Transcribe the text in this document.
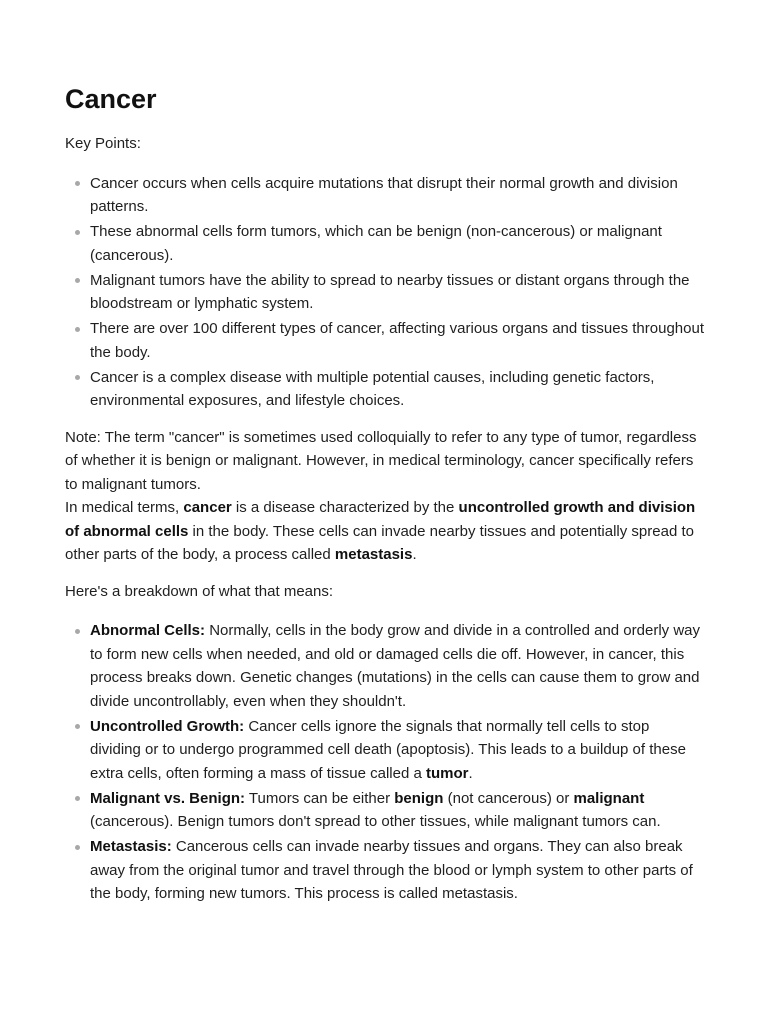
Cancer

Key Points:

Cancer occurs when cells acquire mutations that disrupt their normal growth and division patterns.
These abnormal cells form tumors, which can be benign (non-cancerous) or malignant (cancerous).
Malignant tumors have the ability to spread to nearby tissues or distant organs through the bloodstream or lymphatic system.
There are over 100 different types of cancer, affecting various organs and tissues throughout the body.
Cancer is a complex disease with multiple potential causes, including genetic factors, environmental exposures, and lifestyle choices.

Note: The term "cancer" is sometimes used colloquially to refer to any type of tumor, regardless of whether it is benign or malignant. However, in medical terminology, cancer specifically refers to malignant tumors.

In medical terms, cancer is a disease characterized by the uncontrolled growth and division of abnormal cells in the body. These cells can invade nearby tissues and potentially spread to other parts of the body, a process called metastasis.

Here's a breakdown of what that means:

Abnormal Cells: Normally, cells in the body grow and divide in a controlled and orderly way to form new cells when needed, and old or damaged cells die off. However, in cancer, this process breaks down. Genetic changes (mutations) in the cells can cause them to grow and divide uncontrollably, even when they shouldn't.
Uncontrolled Growth: Cancer cells ignore the signals that normally tell cells to stop dividing or to undergo programmed cell death (apoptosis). This leads to a buildup of these extra cells, often forming a mass of tissue called a tumor.
Malignant vs. Benign: Tumors can be either benign (not cancerous) or malignant (cancerous). Benign tumors don't spread to other tissues, while malignant tumors can.
Metastasis: Cancerous cells can invade nearby tissues and organs. They can also break away from the original tumor and travel through the blood or lymph system to other parts of the body, forming new tumors. This process is called metastasis.
